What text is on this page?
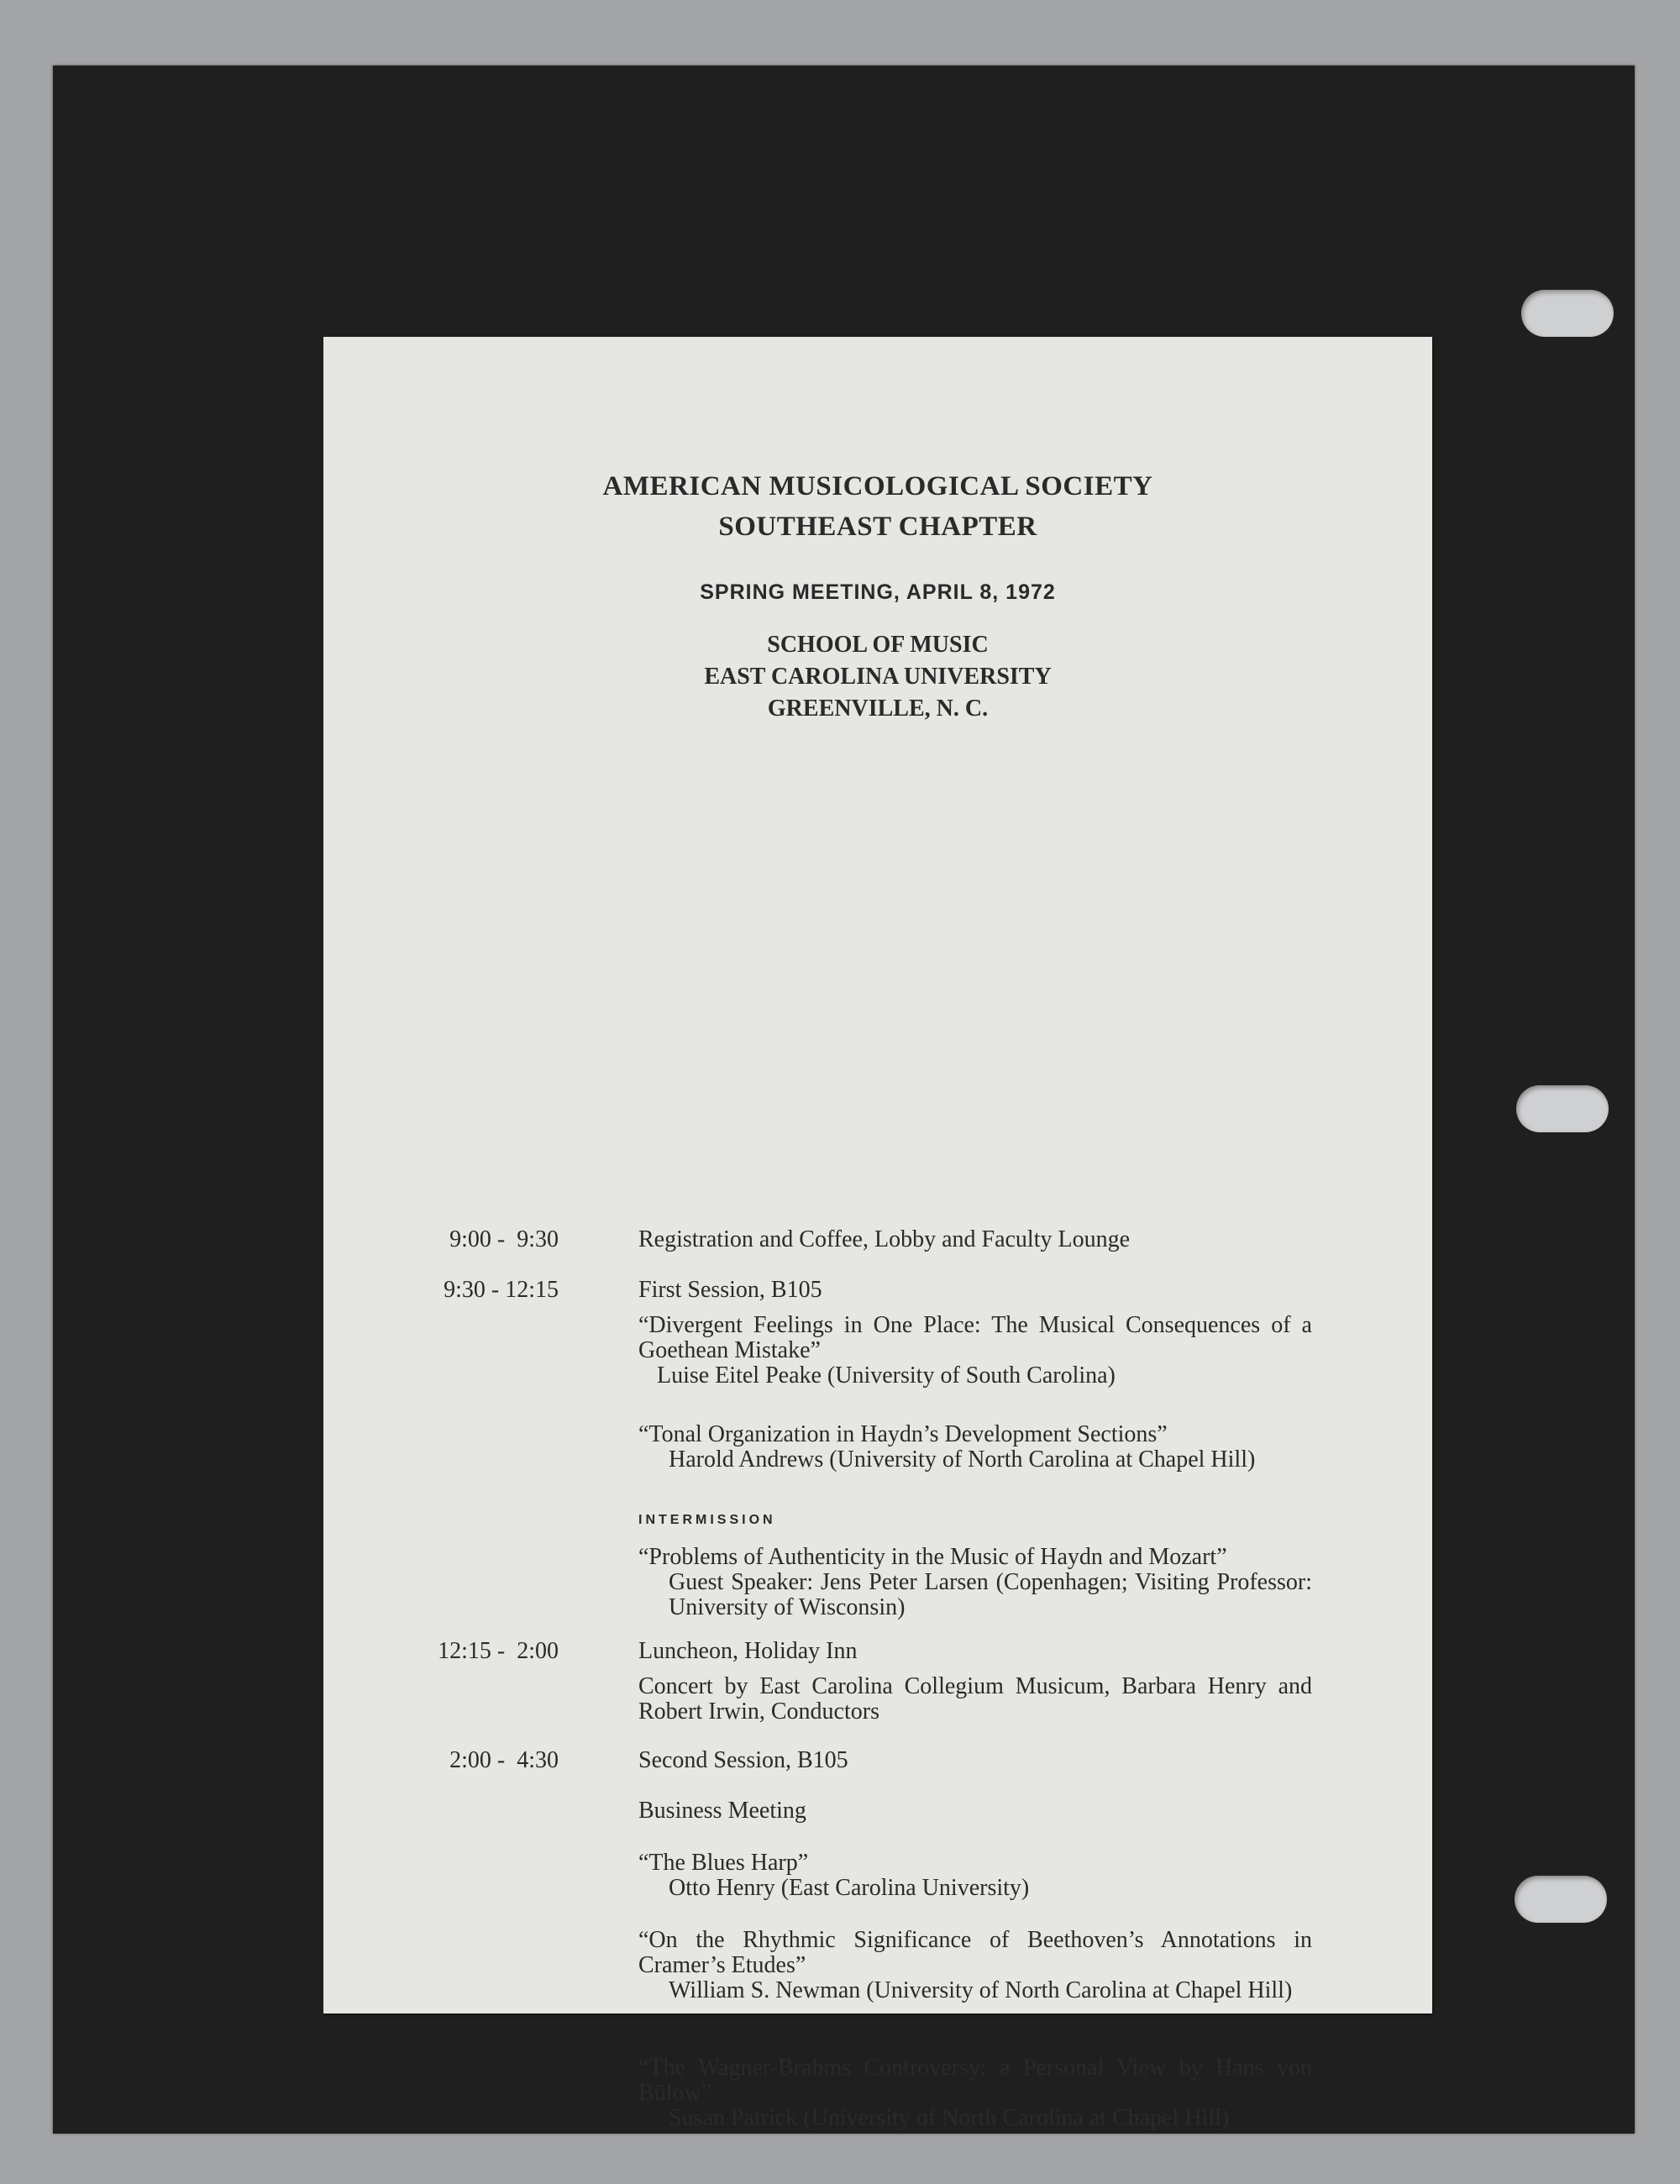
AMERICAN MUSICOLOGICAL SOCIETY
SOUTHEAST CHAPTER
SPRING MEETING, APRIL 8, 1972
SCHOOL OF MUSIC
EAST CAROLINA UNIVERSITY
GREENVILLE, N. C.
9:00 -  9:30	Registration and Coffee, Lobby and Faculty Lounge
9:30 - 12:15	First Session, B105
“Divergent Feelings in One Place: The Musical Consequences of a Goethean Mistake”
Luise Eitel Peake (University of South Carolina)
“Tonal Organization in Haydn’s Development Sections”
Harold Andrews (University of North Carolina at Chapel Hill)
INTERMISSION
“Problems of Authenticity in the Music of Haydn and Mozart”
Guest Speaker: Jens Peter Larsen (Copenhagen; Visiting Professor: University of Wisconsin)
12:15 -  2:00	Luncheon, Holiday Inn
Concert by East Carolina Collegium Musicum, Barbara Henry and Robert Irwin, Conductors
2:00 -  4:30	Second Session, B105
Business Meeting
“The Blues Harp”
Otto Henry (East Carolina University)
“On the Rhythmic Significance of Beethoven’s Annotations in Cramer’s Etudes”
William S. Newman (University of North Carolina at Chapel Hill)
“The Wagner-Brahms Controversy: a Personal View by Hans von Bülow”
Susan Patrick (University of North Carolina at Chapel Hill)
